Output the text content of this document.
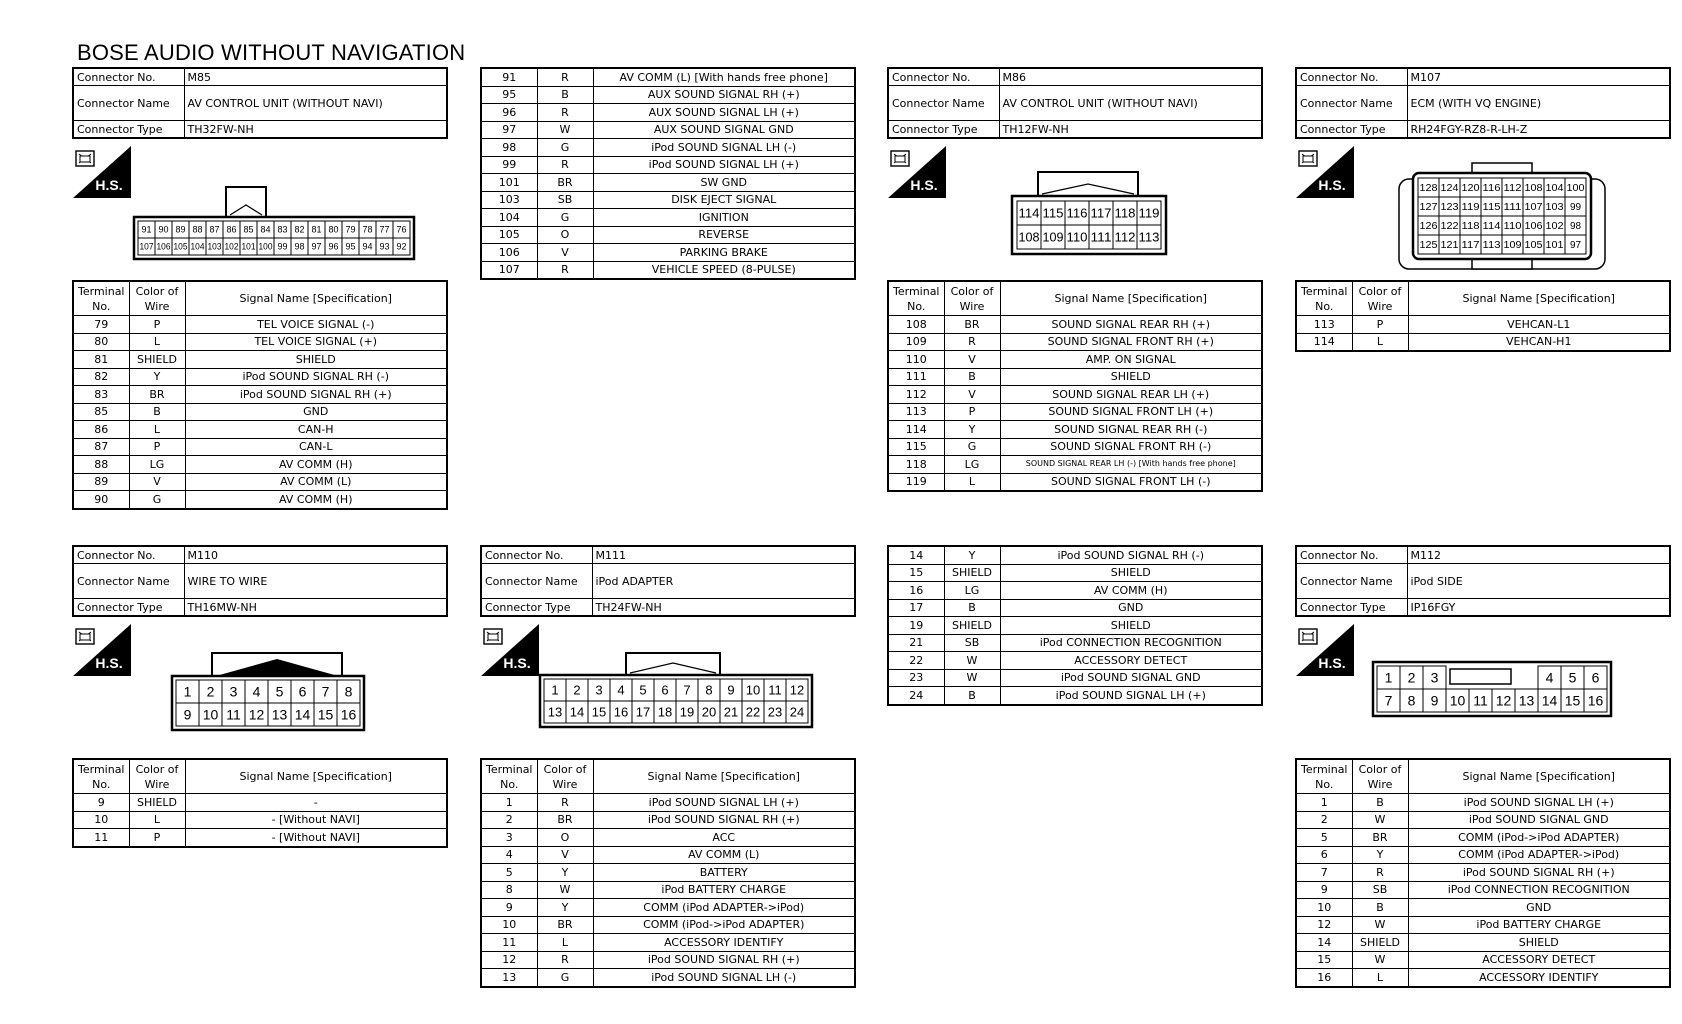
BOSE AUDIO WITHOUT NAVIGATION
Connector No.	M85
Connector Name	AV CONTROL UNIT (WITHOUT NAVI)
Connector Type	TH32FW-NH
Connector No.	M86
Connector Name	AV CONTROL UNIT (WITHOUT NAVI)
Connector Type	TH12FW-NH
Connector No.	M107
Connector Name	ECM (WITH VQ ENGINE)
Connector Type	RH24FGY-RZ8-R-LH-Z
Connector No.	M110
Connector Name	WIRE TO WIRE
Connector Type	TH16MW-NH
Connector No.	M111
Connector Name	iPod ADAPTER
Connector Type	TH24FW-NH
Connector No.	M112
Connector Name	iPod SIDE
Connector Type	IP16FGY
H.S.	H.S.	H.S.
H.S.	H.S.	H.S.
91 90 89 88 87 86 85 84 83 82 81 80 79 78 77 76
107 106 105 104 103 102 101 100 99 98 97 96 95 94 93 92
114 115 116 117 118 119
108 109 110 111 112 113
128 124 120 116 112 108 104 100
127 123 119 115 111 107 103 99
126 122 118 114 110 106 102 98
125 121 117 113 109 105 101 97
1 2 3 4 5 6 7 8
9 10 11 12 13 14 15 16
1 2 3 4 5 6 7 8 9 10 11 12
13 14 15 16 17 18 19 20 21 22 23 24
1 2 3	4 5 6
7 8 9 10 11 12 13 14 15 16
Terminal No.	Color of Wire	Signal Name [Specification]
79	P	TEL VOICE SIGNAL (-)
80	L	TEL VOICE SIGNAL (+)
81	SHIELD	SHIELD
82	Y	iPod SOUND SIGNAL RH (-)
83	BR	iPod SOUND SIGNAL RH (+)
85	B	GND
86	L	CAN-H
87	P	CAN-L
88	LG	AV COMM (H)
89	V	AV COMM (L)
90	G	AV COMM (H)
91	R	AV COMM (L) [With hands free phone]
95	B	AUX SOUND SIGNAL RH (+)
96	R	AUX SOUND SIGNAL LH (+)
97	W	AUX SOUND SIGNAL GND
98	G	iPod SOUND SIGNAL LH (-)
99	R	iPod SOUND SIGNAL LH (+)
101	BR	SW GND
103	SB	DISK EJECT SIGNAL
104	G	IGNITION
105	O	REVERSE
106	V	PARKING BRAKE
107	R	VEHICLE SPEED (8-PULSE)
Terminal No.	Color of Wire	Signal Name [Specification]
108	BR	SOUND SIGNAL REAR RH (+)
109	R	SOUND SIGNAL FRONT RH (+)
110	V	AMP. ON SIGNAL
111	B	SHIELD
112	V	SOUND SIGNAL REAR LH (+)
113	P	SOUND SIGNAL FRONT LH (+)
114	Y	SOUND SIGNAL REAR RH (-)
115	G	SOUND SIGNAL FRONT RH (-)
118	LG	SOUND SIGNAL REAR LH (-) [With hands free phone]
119	L	SOUND SIGNAL FRONT LH (-)
Terminal No.	Color of Wire	Signal Name [Specification]
113	P	VEHCAN-L1
114	L	VEHCAN-H1
Terminal No.	Color of Wire	Signal Name [Specification]
9	SHIELD	-
10	L	- [Without NAVI]
11	P	- [Without NAVI]
Terminal No.	Color of Wire	Signal Name [Specification]
1	R	iPod SOUND SIGNAL LH (+)
2	BR	iPod SOUND SIGNAL RH (+)
3	O	ACC
4	V	AV COMM (L)
5	Y	BATTERY
8	W	iPod BATTERY CHARGE
9	Y	COMM (iPod ADAPTER->iPod)
10	BR	COMM (iPod->iPod ADAPTER)
11	L	ACCESSORY IDENTIFY
12	R	iPod SOUND SIGNAL RH (+)
13	G	iPod SOUND SIGNAL LH (-)
14	Y	iPod SOUND SIGNAL RH (-)
15	SHIELD	SHIELD
16	LG	AV COMM (H)
17	B	GND
19	SHIELD	SHIELD
21	SB	iPod CONNECTION RECOGNITION
22	W	ACCESSORY DETECT
23	W	iPod SOUND SIGNAL GND
24	B	iPod SOUND SIGNAL LH (+)
Terminal No.	Color of Wire	Signal Name [Specification]
1	B	iPod SOUND SIGNAL LH (+)
2	W	iPod SOUND SIGNAL GND
5	BR	COMM (iPod->iPod ADAPTER)
6	Y	COMM (iPod ADAPTER->iPod)
7	R	iPod SOUND SIGNAL RH (+)
9	SB	iPod CONNECTION RECOGNITION
10	B	GND
12	W	iPod BATTERY CHARGE
14	SHIELD	SHIELD
15	W	ACCESSORY DETECT
16	L	ACCESSORY IDENTIFY
